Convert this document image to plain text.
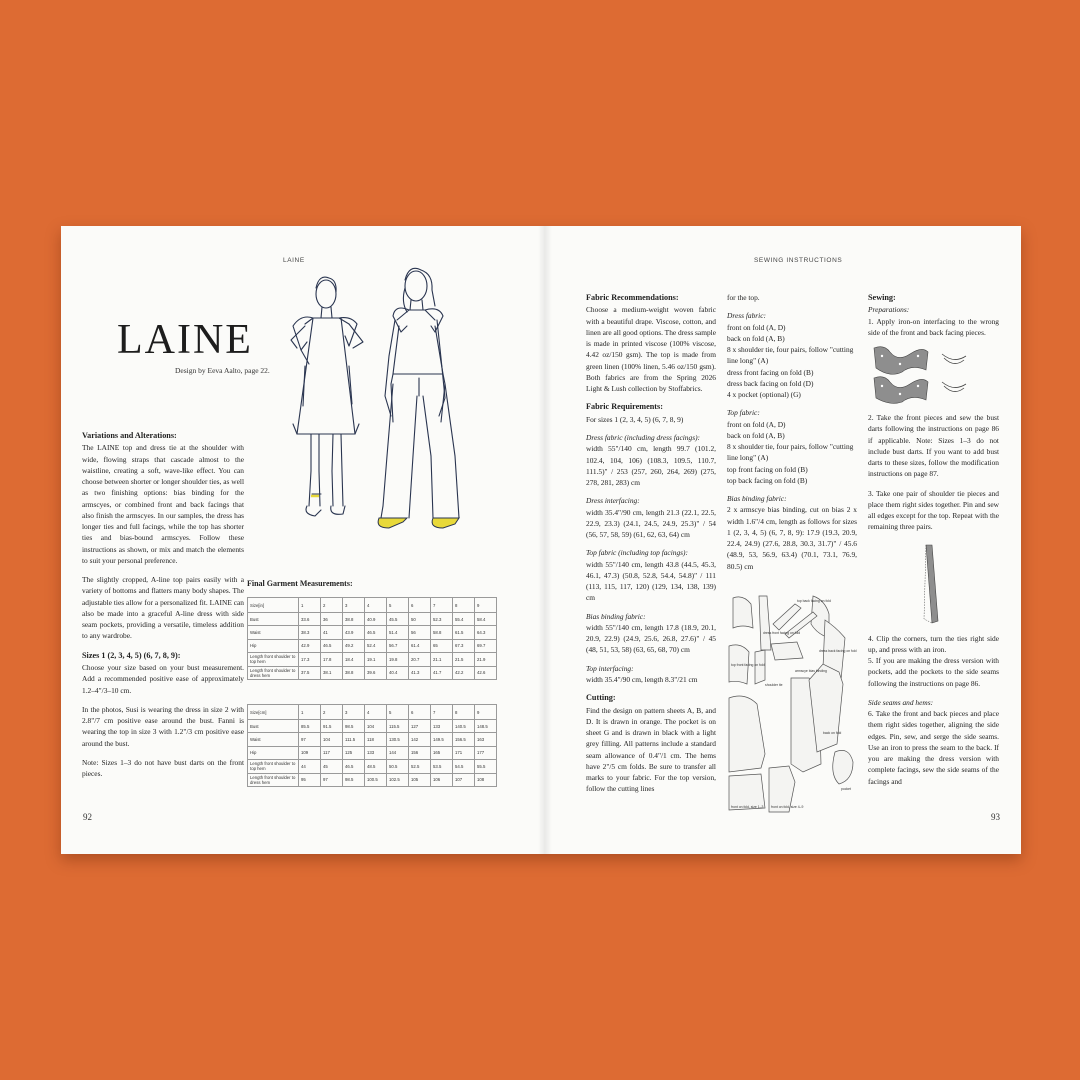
LAINE
LAINE
Design by Eeva Aalto, page 22.

Variations and Alterations:
The LAINE top and dress tie at the shoulder with wide, flowing straps that cascade almost to the waistline, creating a soft, wave-like effect. You can choose between shorter or longer shoulder ties, as well as two finishing options: bias binding for the armscyes, or combined front and back facings that also finish the armscyes. In our samples, the dress has longer ties and full facings, while the top has shorter ties and bias-bound armscyes. Follow these instructions as shown, or mix and match the elements to suit your personal preference.

The slightly cropped, A-line top pairs easily with a variety of bottoms and flatters many body shapes. The adjustable ties allow for a personalized fit. LAINE can also be made into a graceful A-line dress with side seam pockets, providing a versatile, timeless addition to any wardrobe.

Sizes 1 (2, 3, 4, 5) (6, 7, 8, 9):
Choose your size based on your bust measurement. Add a recommended positive ease of approximately 1.2–4"/3–10 cm.

In the photos, Susi is wearing the dress in size 2 with 2.8"/7 cm positive ease around the bust. Fanni is wearing the top in size 3 with 1.2"/3 cm positive ease around the bust.

Note: Sizes 1–3 do not have bust darts on the front pieces.

Final Garment Measurements:
Size[in]	1	2	3	4	5	6	7	8	9
Bust	33.6	36	38.8	40.9	45.5	50	52.3	55.4	58.4
Waist	38.3	41	43.9	46.5	51.4	56	58.8	61.5	64.3
Hip	42.9	46.5	49.2	52.4	56.7	61.4	65	67.3	69.7
Length front shoulder to top hem	17.3	17.8	18.4	19.1	19.8	20.7	21.1	21.5	21.9
Length front shoulder to dress hem	37.5	38.1	38.8	39.6	40.4	41.3	41.7	42.2	42.6
Size[cm]	1	2	3	4	5	6	7	8	9
Bust	85.5	91.5	98.5	104	115.5	127	133	140.5	148.5
Waist	97	104	111.5	118	130.5	142	149.5	156.5	163
Hip	109	117	125	133	144	156	165	171	177
Length front shoulder to top hem	44	45	46.5	48.5	50.5	52.5	53.5	54.5	55.5
Length front shoulder to dress hem	95	97	98.5	100.5	102.5	105	106	107	108
92
SEWING INSTRUCTIONS
Fabric Recommendations:
Choose a medium-weight woven fabric with a beautiful drape. Viscose, cotton, and linen are all good options. The dress sample is made in printed viscose (100% viscose, 4.42 oz/150 gsm). The top is made from green linen (100% linen, 5.46 oz/150 gsm). Both fabrics are from the Spring 2026 Light & Lush collection by Stoffabrics.
Fabric Requirements:
For sizes 1 (2, 3, 4, 5) (6, 7, 8, 9)
Dress fabric (including dress facings):
width 55"/140 cm, length 99.7 (101.2, 102.4, 104, 106) (108.3, 109.5, 110.7, 111.5)" / 253 (257, 260, 264, 269) (275, 278, 281, 283) cm
Dress interfacing:
width 35.4"/90 cm, length 21.3 (22.1, 22.5, 22.9, 23.3) (24.1, 24.5, 24.9, 25.3)" / 54 (56, 57, 58, 59) (61, 62, 63, 64) cm
Top fabric (including top facings):
width 55"/140 cm, length 43.8 (44.5, 45.3, 46.1, 47.3) (50.8, 52.8, 54.4, 54.8)" / 111 (113, 115, 117, 120) (129, 134, 138, 139) cm
Bias binding fabric:
width 55"/140 cm, length 17.8 (18.9, 20.1, 20.9, 22.9) (24.9, 25.6, 26.8, 27.6)" / 45 (48, 51, 53, 58) (63, 65, 68, 70) cm
Top interfacing:
width 35.4"/90 cm, length 8.3"/21 cm
Cutting:
Find the design on pattern sheets A, B, and D. It is drawn in orange. The pocket is on sheet G and is drawn in black with a light grey filling. All patterns include a standard seam allowance of 0.4"/1 cm. The hems have 2"/5 cm folds. Be sure to transfer all marks to your fabric. For the top version, follow the cutting lines
for the top.
Dress fabric:
front on fold (A, D)
back on fold (A, B)
8 x shoulder tie, four pairs, follow "cutting line long" (A)
dress front facing on fold (B)
dress back facing on fold (D)
4 x pocket (optional) (G)
Top fabric:
front on fold (A, D)
back on fold (A, B)
8 x shoulder tie, four pairs, follow "cutting line long" (A)
top front facing on fold (B)
top back facing on fold (B)
Bias binding fabric:
2 x armscye bias binding, cut on bias 2 x width 1.6"/4 cm, length as follows for sizes 1 (2, 3, 4, 5) (6, 7, 8, 9): 17.9 (19.3, 20.9, 22.4, 24.9) (27.6, 28.8, 30.3, 31.7)" / 45.6 (48.9, 53, 56.9, 63.4) (70.1, 73.1, 76.9, 80.5) cm
top back facing on fold
dress front facing on fold
top front facing on fold
shoulder tie
dress back facing on fold
armscye bias binding
back on fold
pocket
front on fold, size 1–3 front on fold, size 4–9
Sewing:
Preparations:
1. Apply iron-on interfacing to the wrong side of the front and back facing pieces.

2. Take the front pieces and sew the bust darts following the instructions on page 86 if applicable. Note: Sizes 1–3 do not include bust darts. If you want to add bust darts to these sizes, follow the modification instructions on page 87.

3. Take one pair of shoulder tie pieces and place them right sides together. Pin and sew all edges except for the top. Repeat with the remaining three pairs.

4. Clip the corners, turn the ties right side up, and press with an iron.

5. If you are making the dress version with pockets, add the pockets to the side seams following the instructions on page 86.

Side seams and hems:
6. Take the front and back pieces and place them right sides together, aligning the side edges. Pin, sew, and serge the side seams. Use an iron to press the seam to the back. If you are making the dress version with complete facings, sew the side seams of the facings and
93
